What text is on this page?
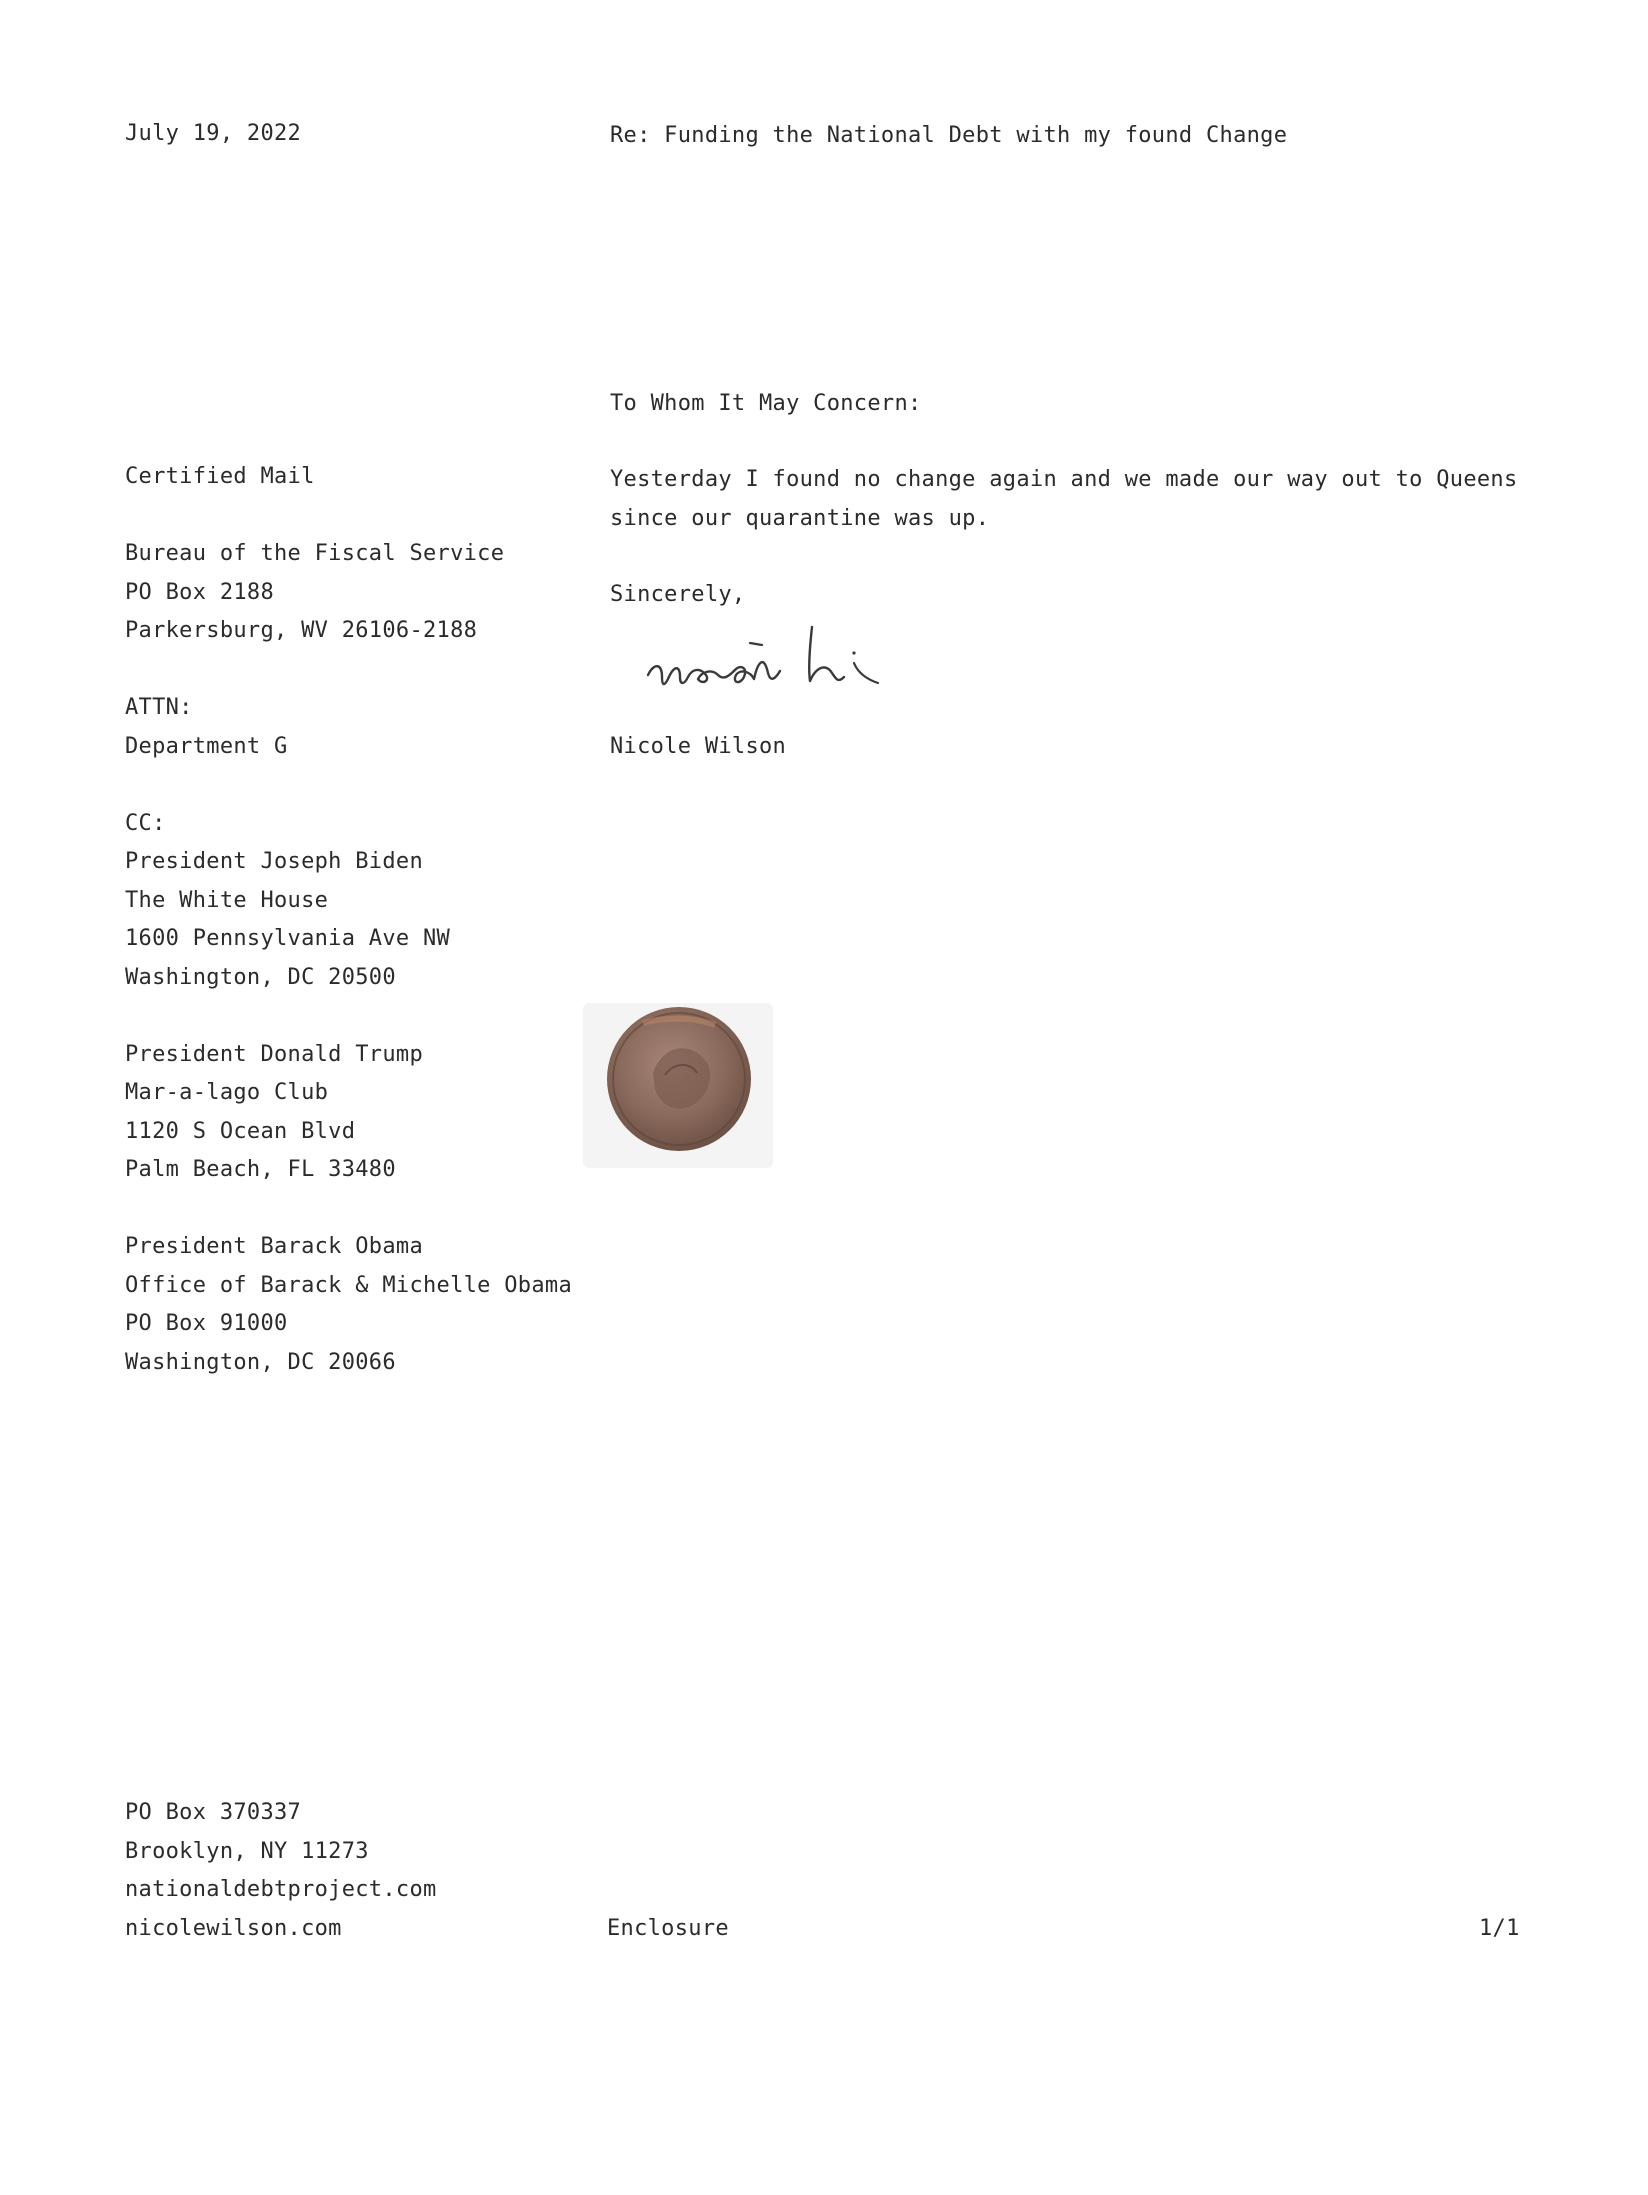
July 19, 2022	Re: Funding the National Debt with my found Change

To Whom It May Concern:

Yesterday I found no change again and we made our way out to Queens
since our quarantine was up.

Sincerely,

Nicole Wilson

Certified Mail
Bureau of the Fiscal Service
PO Box 2188
Parkersburg, WV 26106-2188
ATTN:
Department G
CC:
President Joseph Biden
The White House
1600 Pennsylvania Ave NW
Washington, DC 20500
President Donald Trump
Mar-a-lago Club
1120 S Ocean Blvd
Palm Beach, FL 33480
President Barack Obama
Office of Barack & Michelle Obama
PO Box 91000
Washington, DC 20066
PO Box 370337
Brooklyn, NY 11273
nationaldebtproject.com
nicolewilson.com	Enclosure	1/1
